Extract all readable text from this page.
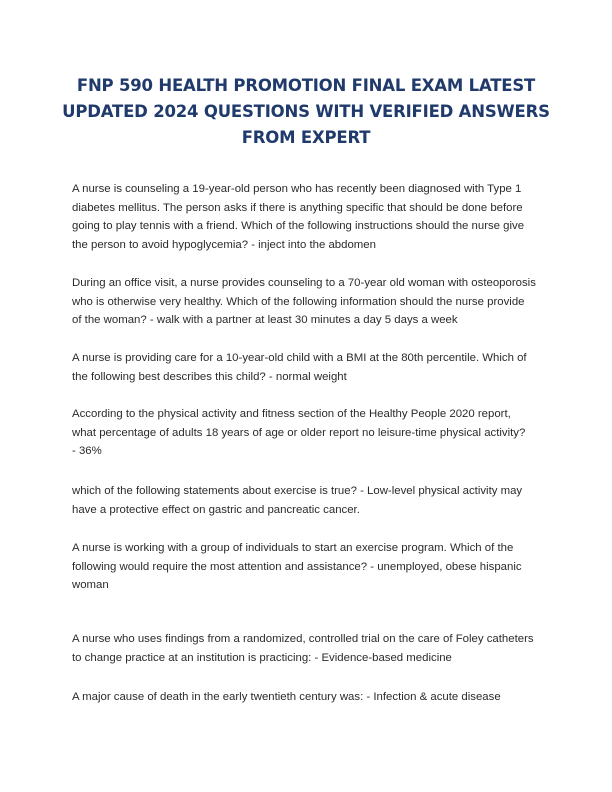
FNP 590 HEALTH PROMOTION FINAL EXAM LATEST
UPDATED 2024 QUESTIONS WITH VERIFIED ANSWERS
FROM EXPERT

A nurse is counseling a 19-year-old person who has recently been diagnosed with Type 1
diabetes mellitus. The person asks if there is anything specific that should be done before
going to play tennis with a friend. Which of the following instructions should the nurse give
the person to avoid hypoglycemia? - inject into the abdomen

During an office visit, a nurse provides counseling to a 70-year old woman with osteoporosis
who is otherwise very healthy. Which of the following information should the nurse provide
of the woman? - walk with a partner at least 30 minutes a day 5 days a week

A nurse is providing care for a 10-year-old child with a BMI at the 80th percentile. Which of
the following best describes this child? - normal weight

According to the physical activity and fitness section of the Healthy People 2020 report,
what percentage of adults 18 years of age or older report no leisure-time physical activity?
- 36%

which of the following statements about exercise is true? - Low-level physical activity may
have a protective effect on gastric and pancreatic cancer.

A nurse is working with a group of individuals to start an exercise program. Which of the
following would require the most attention and assistance? - unemployed, obese hispanic
woman

A nurse who uses findings from a randomized, controlled trial on the care of Foley catheters
to change practice at an institution is practicing: - Evidence-based medicine

A major cause of death in the early twentieth century was: - Infection & acute disease
